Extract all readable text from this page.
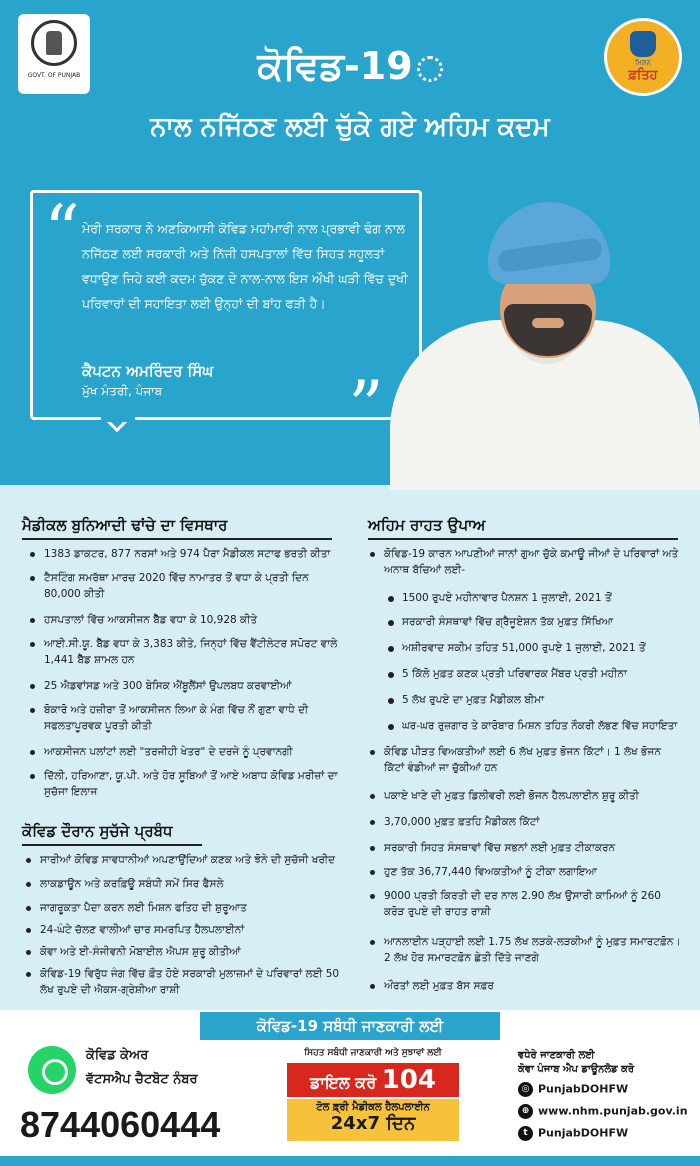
GOVT. OF PUNJAB
ਮਿਸ਼ਨ
ਫ਼ਤਿਹ
ਕੋਵਿਡ-19
ਨਾਲ ਨਜਿੱਠਣ ਲਈ ਚੁੱਕੇ ਗਏ ਅਹਿਮ ਕਦਮ
“
”
ਮੇਰੀ ਸਰਕਾਰ ਨੇ ਅਣਕਿਆਸੀ ਕੋਵਿਡ ਮਹਾਂਮਾਰੀ ਨਾਲ ਪ੍ਰਭਾਵੀ ਢੰਗ ਨਾਲ ਨਜਿੱਠਣ ਲਈ ਸਰਕਾਰੀ ਅਤੇ ਨਿੱਜੀ ਹਸਪਤਾਲਾਂ ਵਿੱਚ ਸਿਹਤ ਸਹੂਲਤਾਂ ਵਧਾਉਣ ਜਿਹੇ ਕਈ ਕਦਮ ਚੁੱਕਣ ਦੇ ਨਾਲ-ਨਾਲ ਇਸ ਔਖੀ ਘੜੀ ਵਿੱਚ ਦੁਖੀ ਪਰਿਵਾਰਾਂ ਦੀ ਸਹਾਇਤਾ ਲਈ ਉਨ੍ਹਾਂ ਦੀ ਬਾਂਹ ਫੜੀ ਹੈ।
ਕੈਪਟਨ ਅਮਰਿੰਦਰ ਸਿੰਘ
ਮੁੱਖ ਮੰਤਰੀ, ਪੰਜਾਬ
ਮੈਡੀਕਲ ਬੁਨਿਆਦੀ ਢਾਂਚੇ ਦਾ ਵਿਸਥਾਰ
1383 ਡਾਕਟਰ, 877 ਨਰਸਾਂ ਅਤੇ 974 ਪੈਰਾ ਮੈਡੀਕਲ ਸਟਾਫ ਭਰਤੀ ਕੀਤਾ
ਟੈਸਟਿੰਗ ਸਮਰੱਥਾ ਮਾਰਚ 2020 ਵਿੱਚ ਨਾਮਾਤਰ ਤੋਂ ਵਧਾ ਕੇ ਪ੍ਰਤੀ ਦਿਨ 80,000 ਕੀਤੀ
ਹਸਪਤਾਲਾਂ ਵਿੱਚ ਆਕਸੀਜਨ ਬੈੱਡ ਵਧਾ ਕੇ 10,928 ਕੀਤੇ
ਆਈ.ਸੀ.ਯੂ. ਬੈੱਡ ਵਧਾ ਕੇ 3,383 ਕੀਤੇ, ਜਿਨ੍ਹਾਂ ਵਿੱਚ ਵੈਂਟੀਲੇਟਰ ਸਪੋਰਟ ਵਾਲੇ 1,441 ਬੈੱਡ ਸ਼ਾਮਲ ਹਨ
25 ਐਡਵਾਂਸਡ ਅਤੇ 300 ਬੇਸਿਕ ਐਂਬੂਲੈਂਸਾਂ ਉਪਲਬਧ ਕਰਵਾਈਆਂ
ਬੋਕਾਰੋ ਅਤੇ ਹਜ਼ੀਰਾ ਤੋਂ ਆਕਸੀਜਨ ਲਿਆ ਕੇ ਮੰਗ ਵਿੱਚ ਨੌਂ ਗੁਣਾ ਵਾਧੇ ਦੀ ਸਫਲਤਾਪੂਰਵਕ ਪੂਰਤੀ ਕੀਤੀ
ਆਕਸੀਜਨ ਪਲਾਂਟਾਂ ਲਈ "ਤਰਜੀਹੀ ਖੇਤਰ" ਦੇ ਦਰਜੇ ਨੂੰ ਪ੍ਰਵਾਨਗੀ
ਦਿੱਲੀ, ਹਰਿਆਣਾ, ਯੂ.ਪੀ. ਅਤੇ ਹੋਰ ਸੂਬਿਆਂ ਤੋਂ ਆਏ ਅਬਾਧ ਕੋਵਿਡ ਮਰੀਜ਼ਾਂ ਦਾ ਸੁਚੱਜਾ ਇਲਾਜ
ਕੋਵਿਡ ਦੌਰਾਨ ਸੁਚੱਜੇ ਪ੍ਰਬੰਧ
ਸਾਰੀਆਂ ਕੋਵਿਡ ਸਾਵਧਾਨੀਆਂ ਅਪਣਾਉਂਦਿਆਂ ਕਣਕ ਅਤੇ ਝੋਨੇ ਦੀ ਸੁਚੱਜੀ ਖਰੀਦ
ਲਾਕਡਾਊਨ ਅਤੇ ਕਰਫ਼ਿਊ ਸਬੰਧੀ ਸਮੇਂ ਸਿਰ ਫੈਸਲੇ
ਜਾਗਰੂਕਤਾ ਪੈਦਾ ਕਰਨ ਲਈ ਮਿਸ਼ਨ ਫਤਿਹ ਦੀ ਸ਼ੁਰੂਆਤ
24-ਘੰਟੇ ਚੱਲਣ ਵਾਲੀਆਂ ਚਾਰ ਸਮਰਪਿਤ ਹੈਲਪਲਾਈਨਾਂ
ਕੋਵਾ ਅਤੇ ਈ-ਸੰਜੀਵਨੀ ਮੋਬਾਈਲ ਐਪਸ ਸ਼ੁਰੂ ਕੀਤੀਆਂ
ਕੋਵਿਡ-19 ਵਿਰੁੱਧ ਜੰਗ ਵਿੱਚ ਫ਼ੌਤ ਹੋਏ ਸਰਕਾਰੀ ਮੁਲਾਜ਼ਮਾਂ ਦੇ ਪਰਿਵਾਰਾਂ ਲਈ 50 ਲੱਖ ਰੁਪਏ ਦੀ ਐਕਸ-ਗ੍ਰੇਸ਼ੀਆ ਰਾਸ਼ੀ
ਅਹਿਮ ਰਾਹਤ ਉਪਾਅ
ਕੋਵਿਡ-19 ਕਾਰਨ ਆਪਣੀਆਂ ਜਾਨਾਂ ਗੁਆ ਚੁੱਕੇ ਕਮਾਊ ਜੀਆਂ ਦੇ ਪਰਿਵਾਰਾਂ ਅਤੇ ਅਨਾਥ ਬੱਚਿਆਂ ਲਈ-
1500 ਰੁਪਏ ਮਹੀਨਾਵਾਰ ਪੈਨਸ਼ਨ 1 ਜੁਲਾਈ, 2021 ਤੋਂ
ਸਰਕਾਰੀ ਸੰਸਥਾਵਾਂ ਵਿੱਚ ਗ੍ਰੈਜੂਏਸ਼ਨ ਤੱਕ ਮੁਫ਼ਤ ਸਿੱਖਿਆ
ਅਸ਼ੀਰਵਾਦ ਸਕੀਮ ਤਹਿਤ 51,000 ਰੁਪਏ 1 ਜੁਲਾਈ, 2021 ਤੋਂ
5 ਕਿੱਲੋ ਮੁਫ਼ਤ ਕਣਕ ਪ੍ਰਤੀ ਪਰਿਵਾਰਕ ਮੈਂਬਰ ਪ੍ਰਤੀ ਮਹੀਨਾ
5 ਲੱਖ ਰੁਪਏ ਦਾ ਮੁਫ਼ਤ ਮੈਡੀਕਲ ਬੀਮਾ
ਘਰ-ਘਰ ਰੁਜ਼ਗਾਰ ਤੇ ਕਾਰੋਬਾਰ ਮਿਸ਼ਨ ਤਹਿਤ ਨੌਕਰੀ ਲੱਭਣ ਵਿੱਚ ਸਹਾਇਤਾ
ਕੋਵਿਡ ਪੀੜਤ ਵਿਅਕਤੀਆਂ ਲਈ 6 ਲੱਖ ਮੁਫ਼ਤ ਭੋਜਨ ਕਿੱਟਾਂ। 1 ਲੱਖ ਭੋਜਨ ਕਿੱਟਾਂ ਵੰਡੀਆਂ ਜਾ ਚੁੱਕੀਆਂ ਹਨ
ਪਕਾਏ ਖਾਣੇ ਦੀ ਮੁਫ਼ਤ ਡਿਲੀਵਰੀ ਲਈ ਭੋਜਨ ਹੈਲਪਲਾਈਨ ਸ਼ੁਰੂ ਕੀਤੀ
3,70,000 ਮੁਫ਼ਤ ਫ਼ਤਹਿ ਮੈਡੀਕਲ ਕਿੱਟਾਂ
ਸਰਕਾਰੀ ਸਿਹਤ ਸੰਸਥਾਵਾਂ ਵਿੱਚ ਸਭਨਾਂ ਲਈ ਮੁਫ਼ਤ ਟੀਕਾਕਰਨ
ਹੁਣ ਤੱਕ 36,77,440 ਵਿਅਕਤੀਆਂ ਨੂੰ ਟੀਕਾ ਲਗਾਇਆ
9000 ਪ੍ਰਤੀ ਕਿਰਤੀ ਦੀ ਦਰ ਨਾਲ 2.90 ਲੱਖ ਉਸਾਰੀ ਕਾਮਿਆਂ ਨੂੰ 260 ਕਰੋੜ ਰੁਪਏ ਦੀ ਰਾਹਤ ਰਾਸ਼ੀ
ਆਨਲਾਈਨ ਪੜ੍ਹਾਈ ਲਈ 1.75 ਲੱਖ ਲੜਕੇ-ਲੜਕੀਆਂ ਨੂੰ ਮੁਫ਼ਤ ਸਮਾਰਟਫ਼ੋਨ। 2 ਲੱਖ ਹੋਰ ਸਮਾਰਟਫ਼ੋਨ ਛੇਤੀ ਦਿੱਤੇ ਜਾਣਗੇ
ਔਰਤਾਂ ਲਈ ਮੁਫ਼ਤ ਬੱਸ ਸਫ਼ਰ
ਕੋਵਿਡ-19 ਸਬੰਧੀ ਜਾਣਕਾਰੀ ਲਈ
ਕੋਵਿਡ ਕੇਅਰ
ਵੱਟਸਐਪ ਚੈਟਬੋਟ ਨੰਬਰ
8744060444
ਸਿਹਤ ਸਬੰਧੀ ਜਾਣਕਾਰੀ ਅਤੇ ਸੁਝਾਵਾਂ ਲਈ
ਡਾਇਲ ਕਰੋ 104
ਟੋਲ ਫ਼੍ਰੀ ਮੈਡੀਕਲ ਹੈਲਪਲਾਈਨ
24x7 ਦਿਨ
ਵਧੇਰੇ ਜਾਣਕਾਰੀ ਲਈ
ਕੋਵਾ ਪੰਜਾਬ ਐਪ ਡਾਊਨਲੋਡ ਕਰੋ
◎ PunjabDOHFW
⊕ www.nhm.punjab.gov.in
t PunjabDOHFW
